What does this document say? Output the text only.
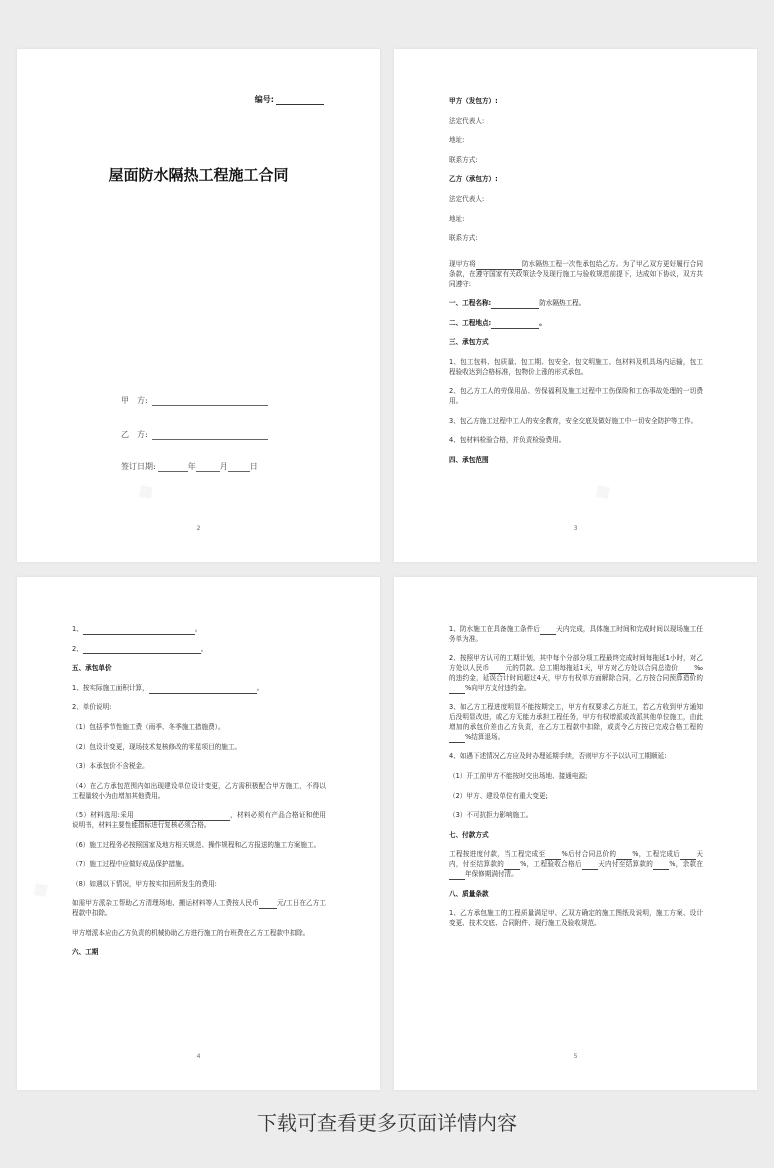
编号:
屋面防水隔热工程施工合同
甲　方:
乙　方:
签订日期:	年	月	日
2

甲方（发包方）:

法定代表人:

地址:

联系方式:

乙方（承包方）:

法定代表人:

地址:

联系方式:

现甲方将	防水隔热工程一次性承包给乙方。为了甲乙双方更好履行合同条款，在遵守国家有关政策法令及现行施工与验收规范前提下，达成如下协议，双方共同遵守:

一、工程名称:	防水隔热工程。

二、工程地点:	。

三、承包方式

1、包工包料、包质量、包工期、包安全、包文明施工、包材料及机具场内运输，包工程验收达到合格标准，包物价上涨的形式承包。

2、包乙方工人的劳保用品、劳保福利及施工过程中工伤保险和工伤事故处理的一切费用。

3、包乙方施工过程中工人的安全教育，安全交底及做好施工中一切安全防护等工作。

4、包材料检验合格，并负责检验费用。

四、承包范围

3

1、	。

2、	。

五、承包单价

1、按实际施工面积计算，	。

2、单价说明:

（1）包括季节性施工费（雨季、冬季施工措施费）。

（2）包设计变更，现场技术复核修改的零星项目的施工。

（3）本承包价不含税金。

（4）在乙方承包范围内如出现建设单位设计变更，乙方需积极配合甲方施工，不得以工程量较小为由增加其他费用。

（5）材料选用:采用	，材料必须有产品合格证和使用说明书，材料主要性能指标进行复核必须合格。

（6）施工过程务必按照国家及地方相关规范、操作规程和乙方报送的施工方案施工。

（7）施工过程中应做好成品保护措施。

（8）如遇以下情况，甲方按实扣回所发生的费用:

如需甲方派杂工帮助乙方清理场地、搬运材料等人工费按人民币	元/工日在乙方工程款中扣除。

甲方增派本应由乙方负责的机械协助乙方进行施工的台班费在乙方工程款中扣除。

六、工期

4

1、防水施工在具备施工条件后 天内完成，具体施工时间和完成时间以现场施工任务单为准。

2、按照甲方认可的工期计划，其中每个分部分项工程最终完成时间每拖延1小时，对乙方处以人民币 元的罚款。总工期每拖延1天，甲方对乙方处以合同总造价 ‰的违约金，延误合计时间超过4天，甲方有权单方面解除合同，乙方按合同预算造价的%向甲方支付违约金。

3、如乙方工程进度明显不能按期完工，甲方有权要求乙方赶工，若乙方收到甲方通知后没明显改进，或乙方无能力承担工程任务，甲方有权增派或改派其他单位施工，由此增加的承包价差由乙方负责，在乙方工程款中扣除，或责令乙方按已完成合格工程的%结算退场。

4、如遇下述情况乙方应及时办理延期手续，否则甲方不予以认可工期顺延:

（1）开工前甲方不能按时交出场地、接通电源;

（2）甲方、建设单位有重大变更;

（3）不可抗拒力影响施工。

七、付款方式

工程按进度付款，当工程完成至 %后付合同总价的 %，工程完成后 天内，付至结算款的 %，工程验收合格后 天内付至结算款的 %，余款在年保修期满付清。

八、质量条款

1、乙方承包施工的工程质量满足甲、乙双方确定的施工图纸及说明，施工方案、设计变更、技术交底、合同附件、现行施工及验收规范。

5
下载可查看更多页面详情内容
